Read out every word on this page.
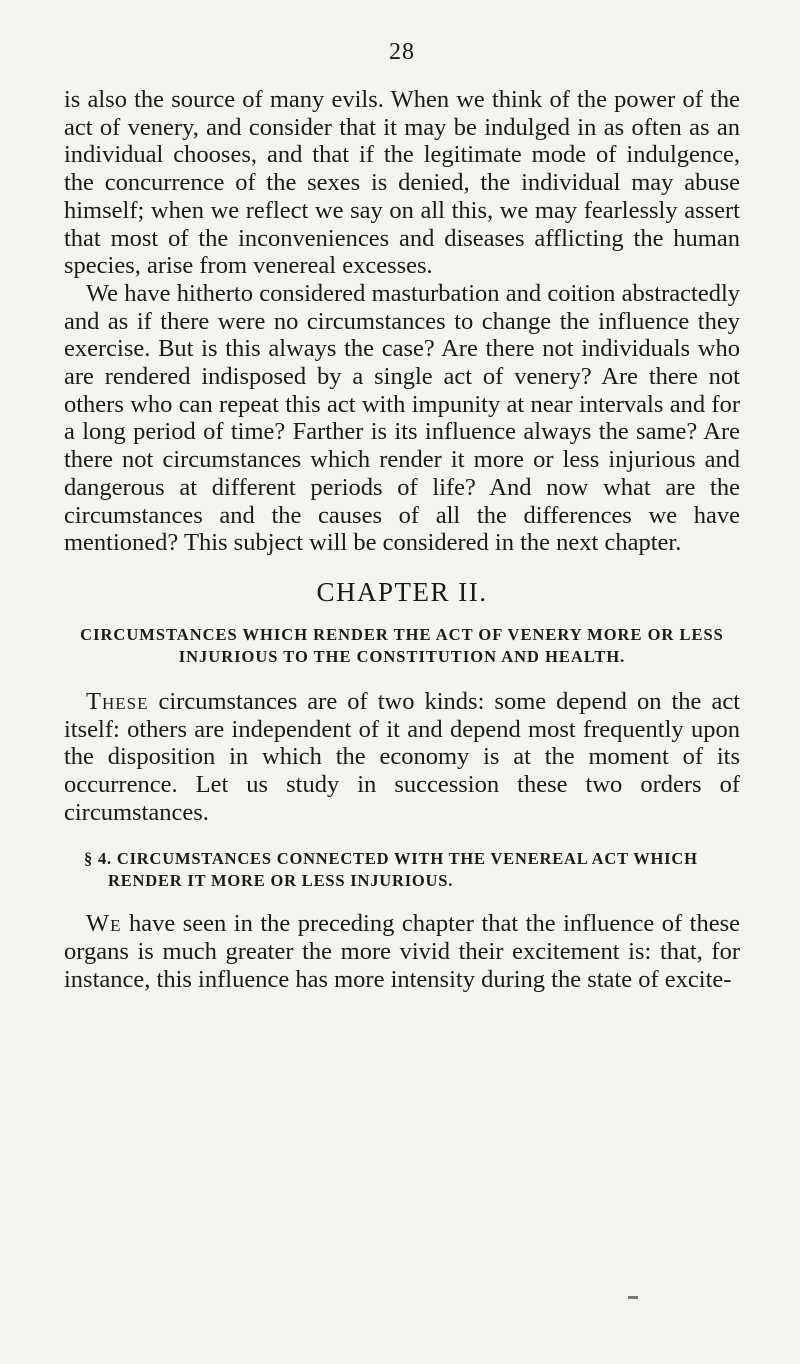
28

is also the source of many evils. When we think of the power of the act of venery, and consider that it may be indulged in as often as an individual chooses, and that if the legitimate mode of indulgence, the concurrence of the sexes is denied, the individual may abuse himself; when we reflect we say on all this, we may fearlessly assert that most of the inconveniences and diseases afflicting the human species, arise from venereal excesses.

We have hitherto considered masturbation and coition abstractedly and as if there were no circumstances to change the influence they exercise. But is this always the case? Are there not individuals who are rendered indisposed by a single act of venery? Are there not others who can repeat this act with impunity at near intervals and for a long period of time? Farther is its influence always the same? Are there not circumstances which render it more or less injurious and dangerous at different periods of life? And now what are the circumstances and the causes of all the differences we have mentioned? This subject will be considered in the next chapter.

CHAPTER II.
CIRCUMSTANCES WHICH RENDER THE ACT OF VENERY MORE OR LESS INJURIOUS TO THE CONSTITUTION AND HEALTH.

These circumstances are of two kinds: some depend on the act itself: others are independent of it and depend most frequently upon the disposition in which the economy is at the moment of its occurrence. Let us study in succession these two orders of circumstances.

§ 4. CIRCUMSTANCES CONNECTED WITH THE VENEREAL ACT WHICH RENDER IT MORE OR LESS INJURIOUS.

We have seen in the preceding chapter that the influence of these organs is much greater the more vivid their excitement is: that, for instance, this influence has more intensity during the state of excite-
